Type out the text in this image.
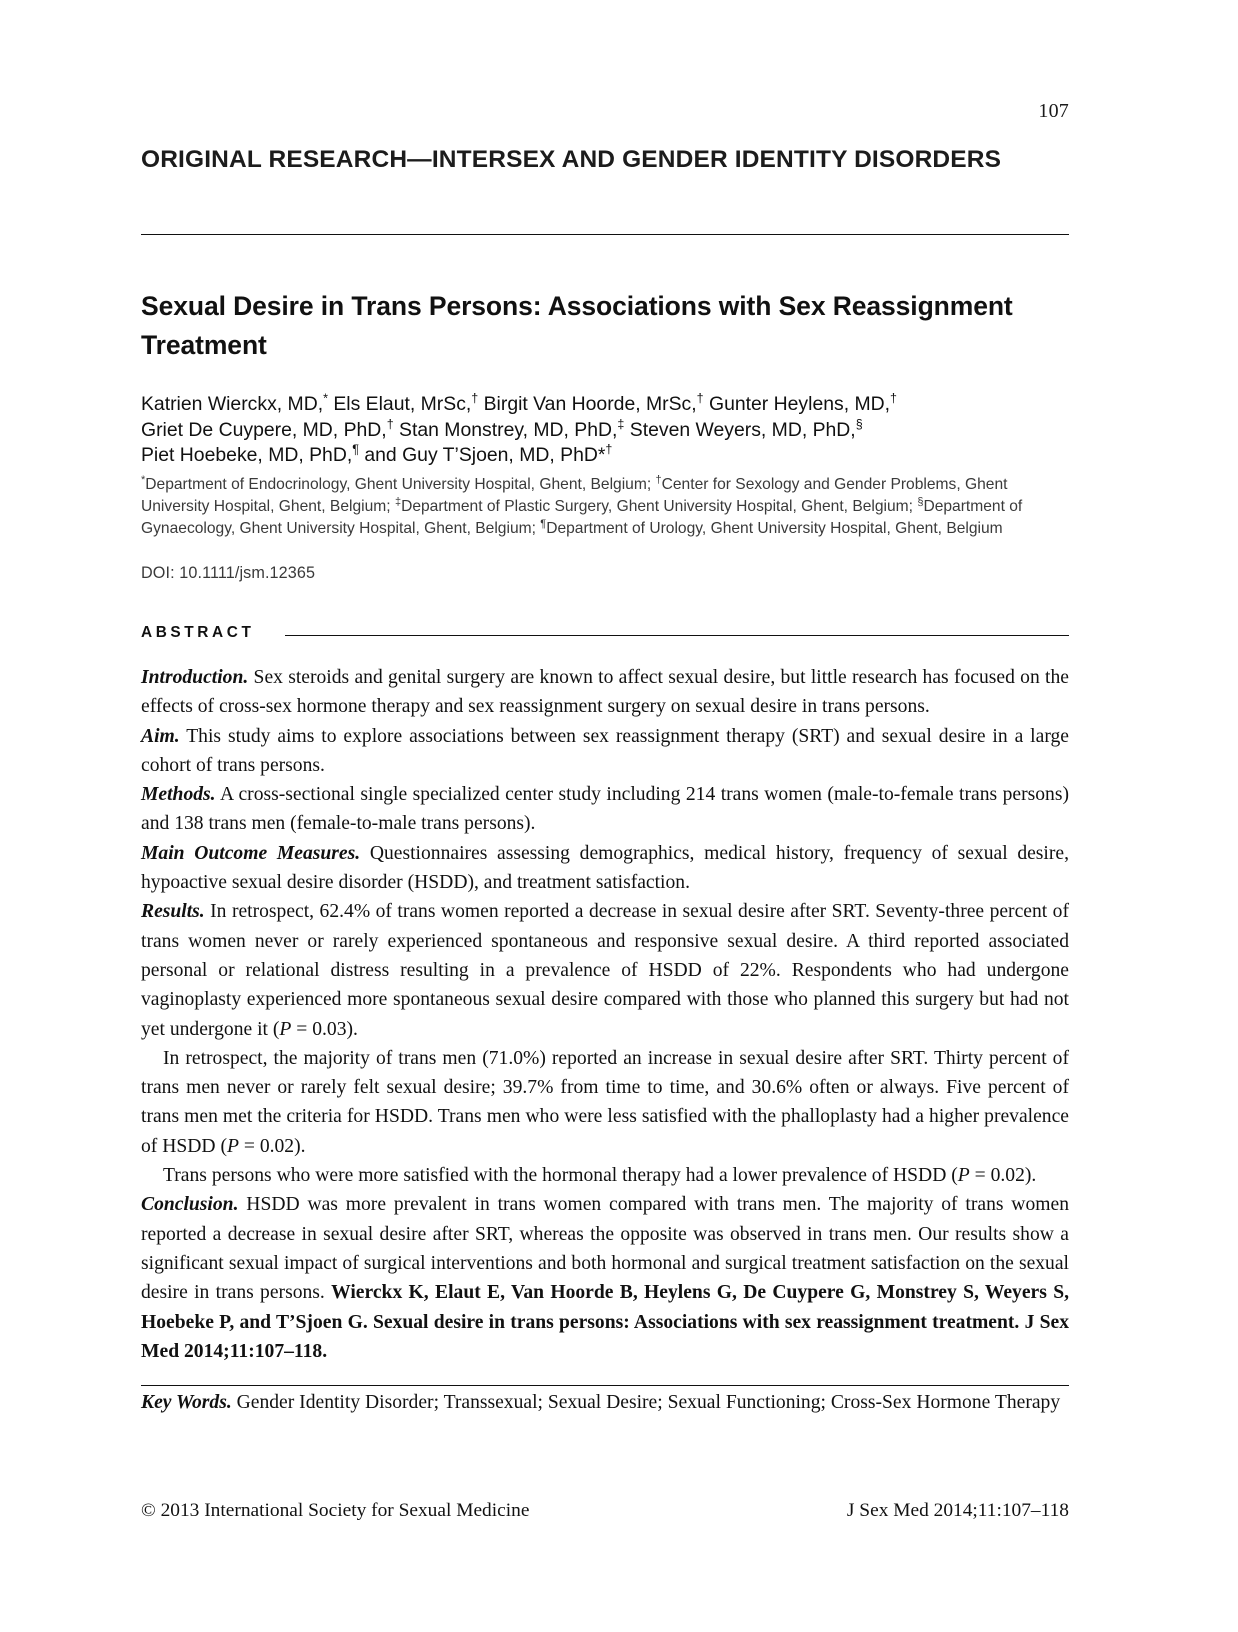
107
ORIGINAL RESEARCH—INTERSEX AND GENDER IDENTITY DISORDERS
Sexual Desire in Trans Persons: Associations with Sex Reassignment Treatment
Katrien Wierckx, MD,* Els Elaut, MrSc,† Birgit Van Hoorde, MrSc,† Gunter Heylens, MD,†
Griet De Cuypere, MD, PhD,† Stan Monstrey, MD, PhD,‡ Steven Weyers, MD, PhD,§
Piet Hoebeke, MD, PhD,¶ and Guy T’Sjoen, MD, PhD*†
*Department of Endocrinology, Ghent University Hospital, Ghent, Belgium; †Center for Sexology and Gender Problems, Ghent University Hospital, Ghent, Belgium; ‡Department of Plastic Surgery, Ghent University Hospital, Ghent, Belgium; §Department of Gynaecology, Ghent University Hospital, Ghent, Belgium; ¶Department of Urology, Ghent University Hospital, Ghent, Belgium
DOI: 10.1111/jsm.12365
ABSTRACT

Introduction. Sex steroids and genital surgery are known to affect sexual desire, but little research has focused on the effects of cross-sex hormone therapy and sex reassignment surgery on sexual desire in trans persons.

Aim. This study aims to explore associations between sex reassignment therapy (SRT) and sexual desire in a large cohort of trans persons.

Methods. A cross-sectional single specialized center study including 214 trans women (male-to-female trans persons) and 138 trans men (female-to-male trans persons).

Main Outcome Measures. Questionnaires assessing demographics, medical history, frequency of sexual desire, hypoactive sexual desire disorder (HSDD), and treatment satisfaction.

Results. In retrospect, 62.4% of trans women reported a decrease in sexual desire after SRT. Seventy-three percent of trans women never or rarely experienced spontaneous and responsive sexual desire. A third reported associated personal or relational distress resulting in a prevalence of HSDD of 22%. Respondents who had undergone vaginoplasty experienced more spontaneous sexual desire compared with those who planned this surgery but had not yet undergone it (P = 0.03).

In retrospect, the majority of trans men (71.0%) reported an increase in sexual desire after SRT. Thirty percent of trans men never or rarely felt sexual desire; 39.7% from time to time, and 30.6% often or always. Five percent of trans men met the criteria for HSDD. Trans men who were less satisfied with the phalloplasty had a higher prevalence of HSDD (P = 0.02).

Trans persons who were more satisfied with the hormonal therapy had a lower prevalence of HSDD (P = 0.02).

Conclusion. HSDD was more prevalent in trans women compared with trans men. The majority of trans women reported a decrease in sexual desire after SRT, whereas the opposite was observed in trans men. Our results show a significant sexual impact of surgical interventions and both hormonal and surgical treatment satisfaction on the sexual desire in trans persons. Wierckx K, Elaut E, Van Hoorde B, Heylens G, De Cuypere G, Monstrey S, Weyers S, Hoebeke P, and T’Sjoen G. Sexual desire in trans persons: Associations with sex reassignment treatment. J Sex Med 2014;11:107–118.

Key Words. Gender Identity Disorder; Transsexual; Sexual Desire; Sexual Functioning; Cross-Sex Hormone Therapy

© 2013 International Society for Sexual Medicine	J Sex Med 2014;11:107–118
